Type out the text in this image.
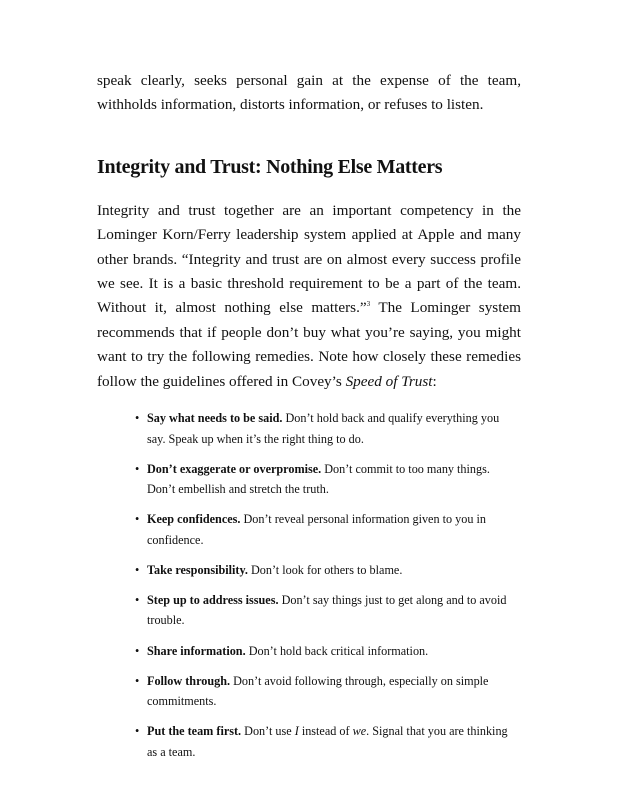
speak clearly, seeks personal gain at the expense of the team, withholds information, distorts information, or refuses to listen.

Integrity and Trust: Nothing Else Matters

Integrity and trust together are an important competency in the Lominger Korn/Ferry leadership system applied at Apple and many other brands. “Integrity and trust are on almost every success profile we see. It is a basic threshold requirement to be a part of the team. Without it, almost nothing else matters.”$^3$ The Lominger system recommends that if people don’t buy what you’re saying, you might want to try the following remedies. Note how closely these remedies follow the guidelines offered in Covey’s Speed of Trust:

• Say what needs to be said. Don’t hold back and qualify everything you say. Speak up when it’s the right thing to do.
• Don’t exaggerate or overpromise. Don’t commit to too many things. Don’t embellish and stretch the truth.
• Keep confidences. Don’t reveal personal information given to you in confidence.
• Take responsibility. Don’t look for others to blame.
• Step up to address issues. Don’t say things just to get along and to avoid trouble.
• Share information. Don’t hold back critical information.
• Follow through. Don’t avoid following through, especially on simple commitments.
• Put the team first. Don’t use I instead of we. Signal that you are thinking as a team.
